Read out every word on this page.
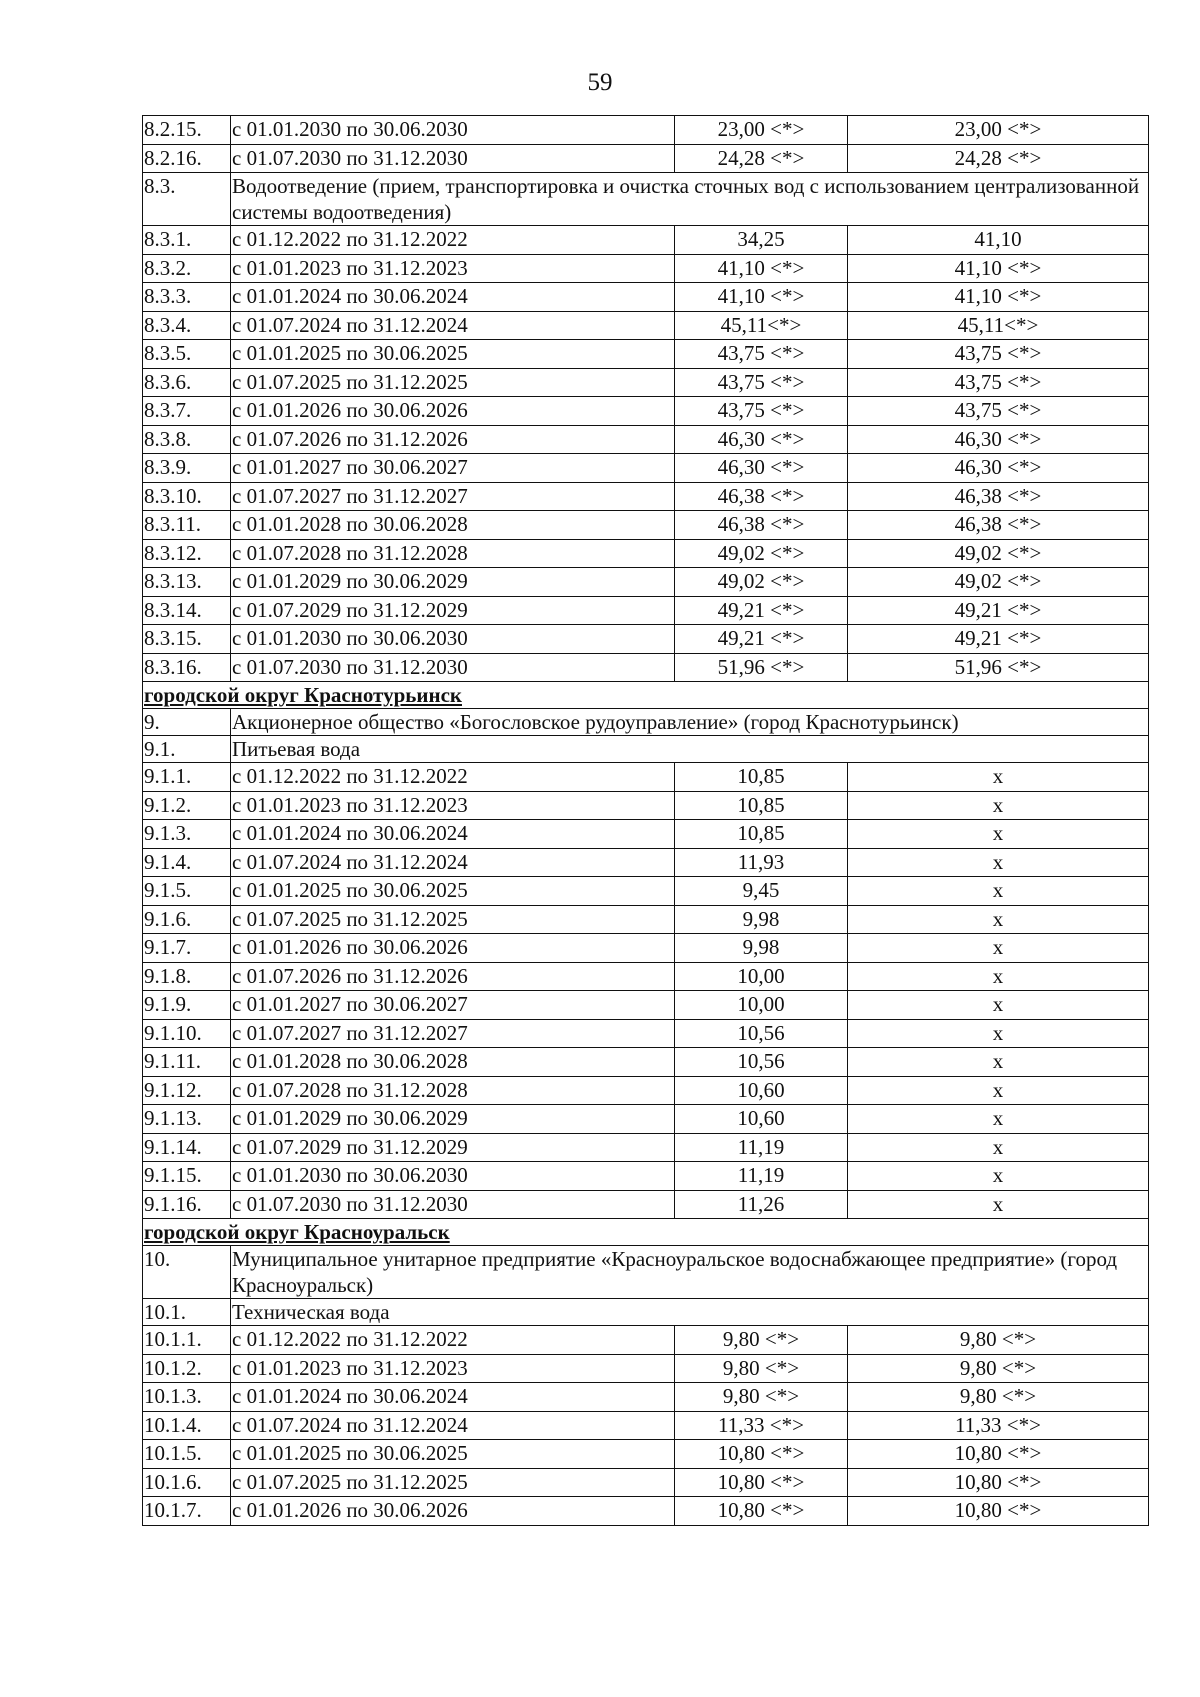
59
8.2.15.	с 01.01.2030 по 30.06.2030	23,00 <*>	23,00 <*>
8.2.16.	с 01.07.2030 по 31.12.2030	24,28 <*>	24,28 <*>
8.3.	Водоотведение (прием, транспортировка и очистка сточных вод с использованием централизованной системы водоотведения)		
8.3.1.	с 01.12.2022 по 31.12.2022	34,25	41,10
8.3.2.	с 01.01.2023 по 31.12.2023	41,10 <*>	41,10 <*>
8.3.3.	с 01.01.2024 по 30.06.2024	41,10 <*>	41,10 <*>
8.3.4.	с 01.07.2024 по 31.12.2024	45,11<*>	45,11<*>
8.3.5.	с 01.01.2025 по 30.06.2025	43,75 <*>	43,75 <*>
8.3.6.	с 01.07.2025 по 31.12.2025	43,75 <*>	43,75 <*>
8.3.7.	с 01.01.2026 по 30.06.2026	43,75 <*>	43,75 <*>
8.3.8.	с 01.07.2026 по 31.12.2026	46,30 <*>	46,30 <*>
8.3.9.	с 01.01.2027 по 30.06.2027	46,30 <*>	46,30 <*>
8.3.10.	с 01.07.2027 по 31.12.2027	46,38 <*>	46,38 <*>
8.3.11.	с 01.01.2028 по 30.06.2028	46,38 <*>	46,38 <*>
8.3.12.	с 01.07.2028 по 31.12.2028	49,02 <*>	49,02 <*>
8.3.13.	с 01.01.2029 по 30.06.2029	49,02 <*>	49,02 <*>
8.3.14.	с 01.07.2029 по 31.12.2029	49,21 <*>	49,21 <*>
8.3.15.	с 01.01.2030 по 30.06.2030	49,21 <*>	49,21 <*>
8.3.16.	с 01.07.2030 по 31.12.2030	51,96 <*>	51,96 <*>
городской округ Краснотурьинск			
9.	Акционерное общество «Богословское рудоуправление» (город Краснотурьинск)		
9.1.	Питьевая вода		
9.1.1.	с 01.12.2022 по 31.12.2022	10,85	x
9.1.2.	с 01.01.2023 по 31.12.2023	10,85	x
9.1.3.	с 01.01.2024 по 30.06.2024	10,85	x
9.1.4.	с 01.07.2024 по 31.12.2024	11,93	x
9.1.5.	с 01.01.2025 по 30.06.2025	9,45	x
9.1.6.	с 01.07.2025 по 31.12.2025	9,98	x
9.1.7.	с 01.01.2026 по 30.06.2026	9,98	x
9.1.8.	с 01.07.2026 по 31.12.2026	10,00	x
9.1.9.	с 01.01.2027 по 30.06.2027	10,00	x
9.1.10.	с 01.07.2027 по 31.12.2027	10,56	x
9.1.11.	с 01.01.2028 по 30.06.2028	10,56	x
9.1.12.	с 01.07.2028 по 31.12.2028	10,60	x
9.1.13.	с 01.01.2029 по 30.06.2029	10,60	x
9.1.14.	с 01.07.2029 по 31.12.2029	11,19	x
9.1.15.	с 01.01.2030 по 30.06.2030	11,19	x
9.1.16.	с 01.07.2030 по 31.12.2030	11,26	x
городской округ Красноуральск			
10.	Муниципальное унитарное предприятие «Красноуральское водоснабжающее предприятие» (город Красноуральск)		
10.1.	Техническая вода		
10.1.1.	с 01.12.2022 по 31.12.2022	9,80 <*>	9,80 <*>
10.1.2.	с 01.01.2023 по 31.12.2023	9,80 <*>	9,80 <*>
10.1.3.	с 01.01.2024 по 30.06.2024	9,80 <*>	9,80 <*>
10.1.4.	с 01.07.2024 по 31.12.2024	11,33 <*>	11,33 <*>
10.1.5.	с 01.01.2025 по 30.06.2025	10,80 <*>	10,80 <*>
10.1.6.	с 01.07.2025 по 31.12.2025	10,80 <*>	10,80 <*>
10.1.7.	с 01.01.2026 по 30.06.2026	10,80 <*>	10,80 <*>
